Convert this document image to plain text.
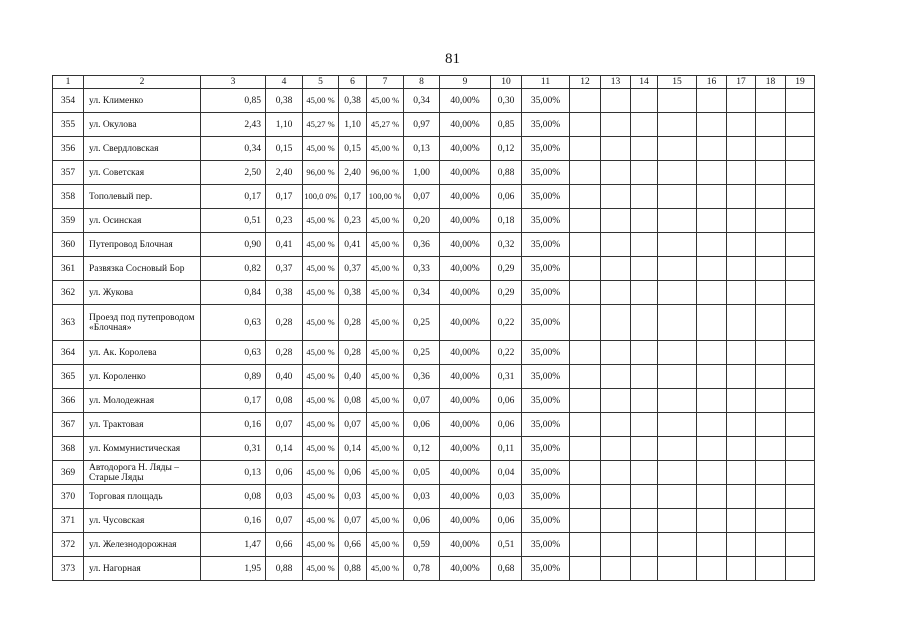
81
1	2	3	4	5	6	7	8	9	10	11	12	13	14	15	16	17	18	19
354	ул. Клименко	0,85	0,38	45,00 %	0,38	45,00 %	0,34	40,00%	0,30	35,00%								
355	ул. Окулова	2,43	1,10	45,27 %	1,10	45,27 %	0,97	40,00%	0,85	35,00%								
356	ул. Свердловская	0,34	0,15	45,00 %	0,15	45,00 %	0,13	40,00%	0,12	35,00%								
357	ул. Советская	2,50	2,40	96,00 %	2,40	96,00 %	1,00	40,00%	0,88	35,00%								
358	Тополевый пер.	0,17	0,17	100,0 0%	0,17	100,00 %	0,07	40,00%	0,06	35,00%								
359	ул. Осинская	0,51	0,23	45,00 %	0,23	45,00 %	0,20	40,00%	0,18	35,00%								
360	Путепровод Блочная	0,90	0,41	45,00 %	0,41	45,00 %	0,36	40,00%	0,32	35,00%								
361	Развязка Сосновый Бор	0,82	0,37	45,00 %	0,37	45,00 %	0,33	40,00%	0,29	35,00%								
362	ул. Жукова	0,84	0,38	45,00 %	0,38	45,00 %	0,34	40,00%	0,29	35,00%								
363	Проезд под путепроводом «Блочная»	0,63	0,28	45,00 %	0,28	45,00 %	0,25	40,00%	0,22	35,00%								
364	ул. Ак. Королева	0,63	0,28	45,00 %	0,28	45,00 %	0,25	40,00%	0,22	35,00%								
365	ул. Короленко	0,89	0,40	45,00 %	0,40	45,00 %	0,36	40,00%	0,31	35,00%								
366	ул. Молодежная	0,17	0,08	45,00 %	0,08	45,00 %	0,07	40,00%	0,06	35,00%								
367	ул. Трактовая	0,16	0,07	45,00 %	0,07	45,00 %	0,06	40,00%	0,06	35,00%								
368	ул. Коммунистическая	0,31	0,14	45,00 %	0,14	45,00 %	0,12	40,00%	0,11	35,00%								
369	Автодорога Н. Ляды – Старые Ляды	0,13	0,06	45,00 %	0,06	45,00 %	0,05	40,00%	0,04	35,00%								
370	Торговая площадь	0,08	0,03	45,00 %	0,03	45,00 %	0,03	40,00%	0,03	35,00%								
371	ул. Чусовская	0,16	0,07	45,00 %	0,07	45,00 %	0,06	40,00%	0,06	35,00%								
372	ул. Железнодорожная	1,47	0,66	45,00 %	0,66	45,00 %	0,59	40,00%	0,51	35,00%								
373	ул. Нагорная	1,95	0,88	45,00 %	0,88	45,00 %	0,78	40,00%	0,68	35,00%								
